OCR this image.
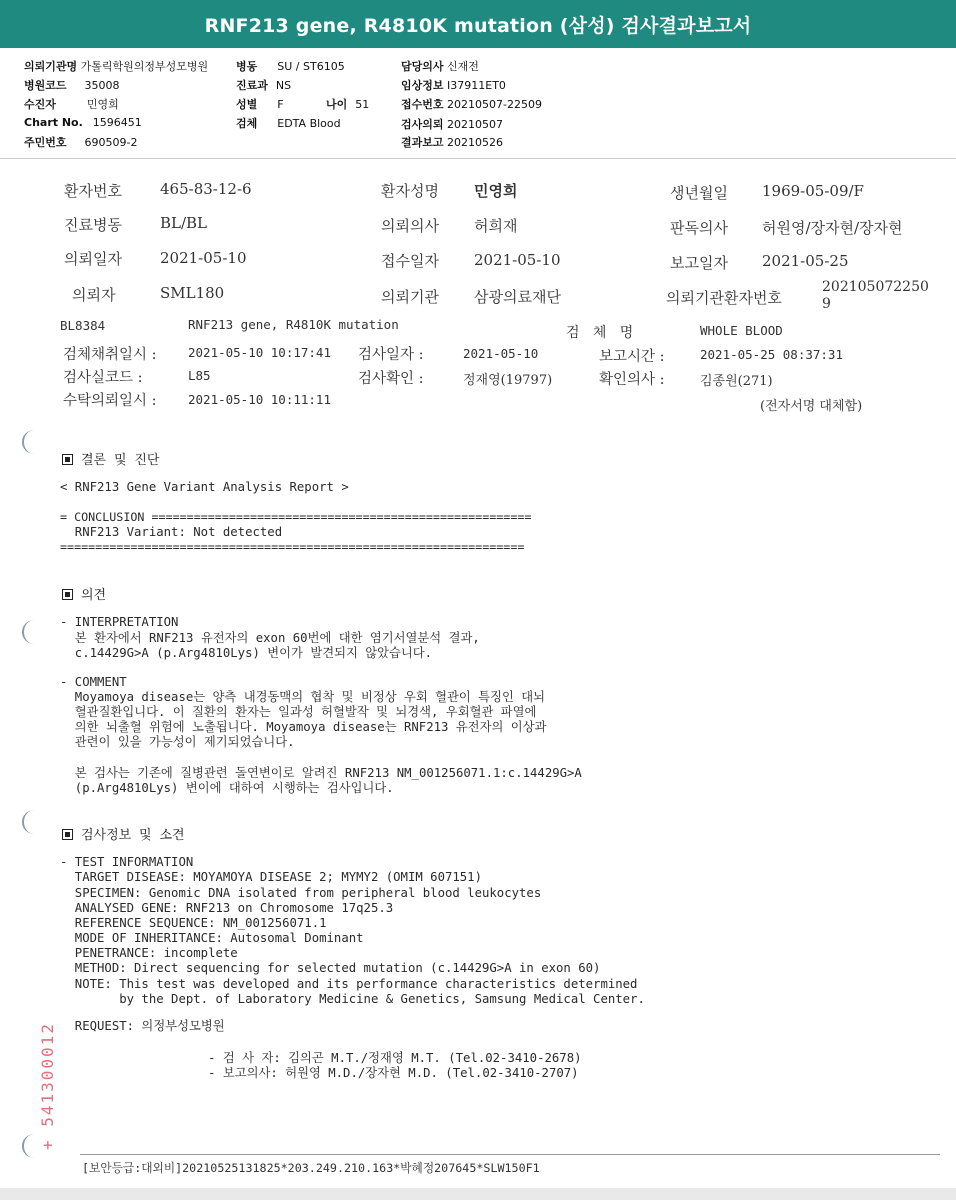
RNF213 gene, R4810K mutation (삼성) 검사결과보고서
의뢰기관명 가톨릭학원의정부성모병원
병원코드 35008
수진자	민영희
Chart No. 1596451
주민번호 690509-2
병동 SU / ST6105
진료과 NS
성별 F	나이 51
검체 EDTA Blood
담당의사 신재전
임상정보 I37911ET0
접수번호 20210507-22509
검사의뢰 20210507
결과보고 20210526
환자번호	465-83-12-6	환자성명 민영희	생년월일 1969-05-09/F
진료병동	BL/BL	의뢰의사 허희재	판독의사 허원영/장자현/장자현
의뢰일자	2021-05-10	접수일자 2021-05-10	보고일자 2021-05-25
의뢰자	SML180	의뢰기관 삼광의료재단	의뢰기관환자번호
202105072250
9
BL8384	RNF213 gene, R4810K mutation
검   체   명	WHOLE BLOOD
검체채취일시 :	2021-05-10 10:17:41 검사일자 :	2021-05-10	보고시간 :	2021-05-25 08:37:31
검사실코드 :	L85	검사확인 :	정재영(19797)	확인의사 :	김종원(271)
수탁의뢰일시 :	2021-05-10 10:11:11	(전자서명 대체함)
결론 및 진단
< RNF213 Gene Variant Analysis Report >
= CONCLUSION ======================================================
RNF213 Variant: Not detected
==================================================================
의견
- INTERPRETATION
본 환자에서 RNF213 유전자의 exon 60번에 대한 염기서열분석 결과,
c.14429G>A (p.Arg4810Lys) 변이가 발견되지 않았습니다.
- COMMENT
Moyamoya disease는 양측 내경동맥의 협착 및 비정상 우회 혈관이 특징인 대뇌
혈관질환입니다. 이 질환의 환자는 일과성 허혈발작 및 뇌경색, 우회혈관 파열에
의한 뇌출혈 위험에 노출됩니다. Moyamoya disease는 RNF213 유전자의 이상과
관련이 있을 가능성이 제기되었습니다.
본 검사는 기존에 질병관련 돌연변이로 알려진 RNF213 NM_001256071.1:c.14429G>A
(p.Arg4810Lys) 변이에 대하여 시행하는 검사입니다.
검사정보 및 소견
- TEST INFORMATION
TARGET DISEASE: MOYAMOYA DISEASE 2; MYMY2 (OMIM 607151)
SPECIMEN: Genomic DNA isolated from peripheral blood leukocytes
ANALYSED GENE: RNF213 on Chromosome 17q25.3
REFERENCE SEQUENCE: NM_001256071.1
MODE OF INHERITANCE: Autosomal Dominant
PENETRANCE: incomplete
METHOD: Direct sequencing for selected mutation (c.14429G>A in exon 60)
NOTE: This test was developed and its performance characteristics determined
by the Dept. of Laboratory Medicine & Genetics, Samsung Medical Center.
REQUEST: 의정부성모병원
- 검 사 자: 김의곤 M.T./정재영 M.T. (Tel.02-3410-2678)
- 보고의사: 허원영 M.D./장자현 M.D. (Tel.02-3410-2707)
+ 541300012
[보안등급:대외비]20210525131825*203.249.210.163*박혜정207645*SLW150F1
